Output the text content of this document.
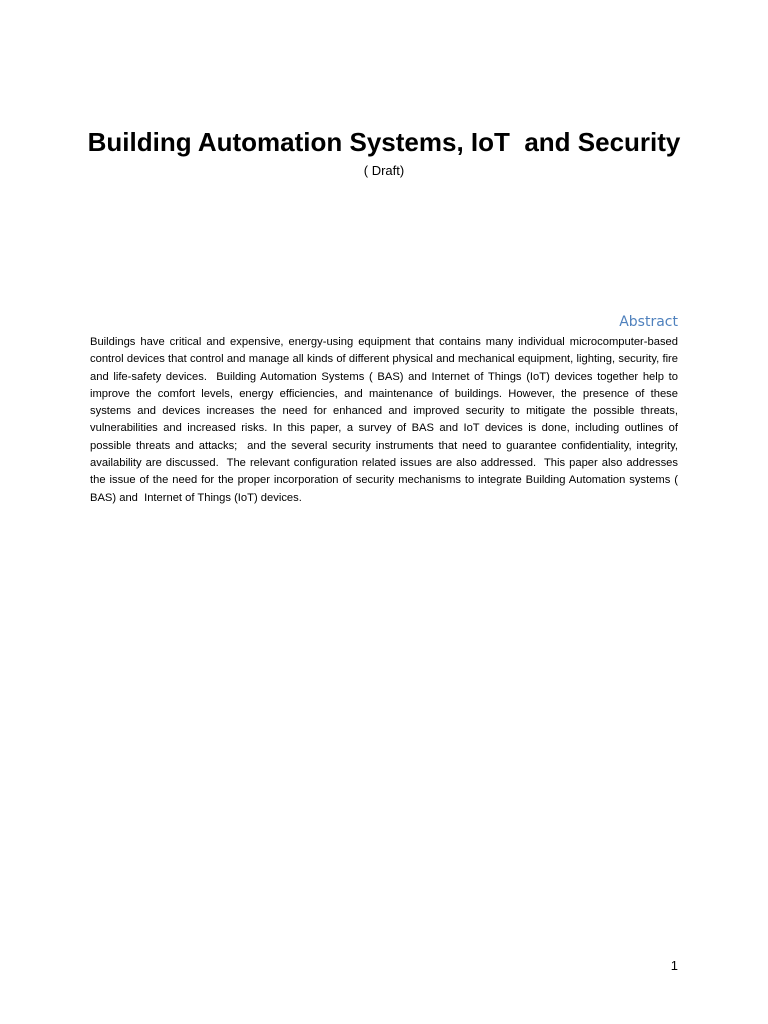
Building Automation Systems, IoT  and Security
( Draft)
Abstract
Buildings have critical and expensive, energy-using equipment that contains many individual microcomputer-based control devices that control and manage all kinds of different physical and mechanical equipment, lighting, security, fire and life-safety devices.  Building Automation Systems ( BAS) and Internet of Things (IoT) devices together help to improve the comfort levels, energy efficiencies, and maintenance of buildings. However, the presence of these systems and devices increases the need for enhanced and improved security to mitigate the possible threats, vulnerabilities and increased risks. In this paper, a survey of BAS and IoT devices is done, including outlines of possible threats and attacks;  and the several security instruments that need to guarantee confidentiality, integrity, availability are discussed.  The relevant configuration related issues are also addressed.  This paper also addresses the issue of the need for the proper incorporation of security mechanisms to integrate Building Automation systems ( BAS) and  Internet of Things (IoT) devices.
1
